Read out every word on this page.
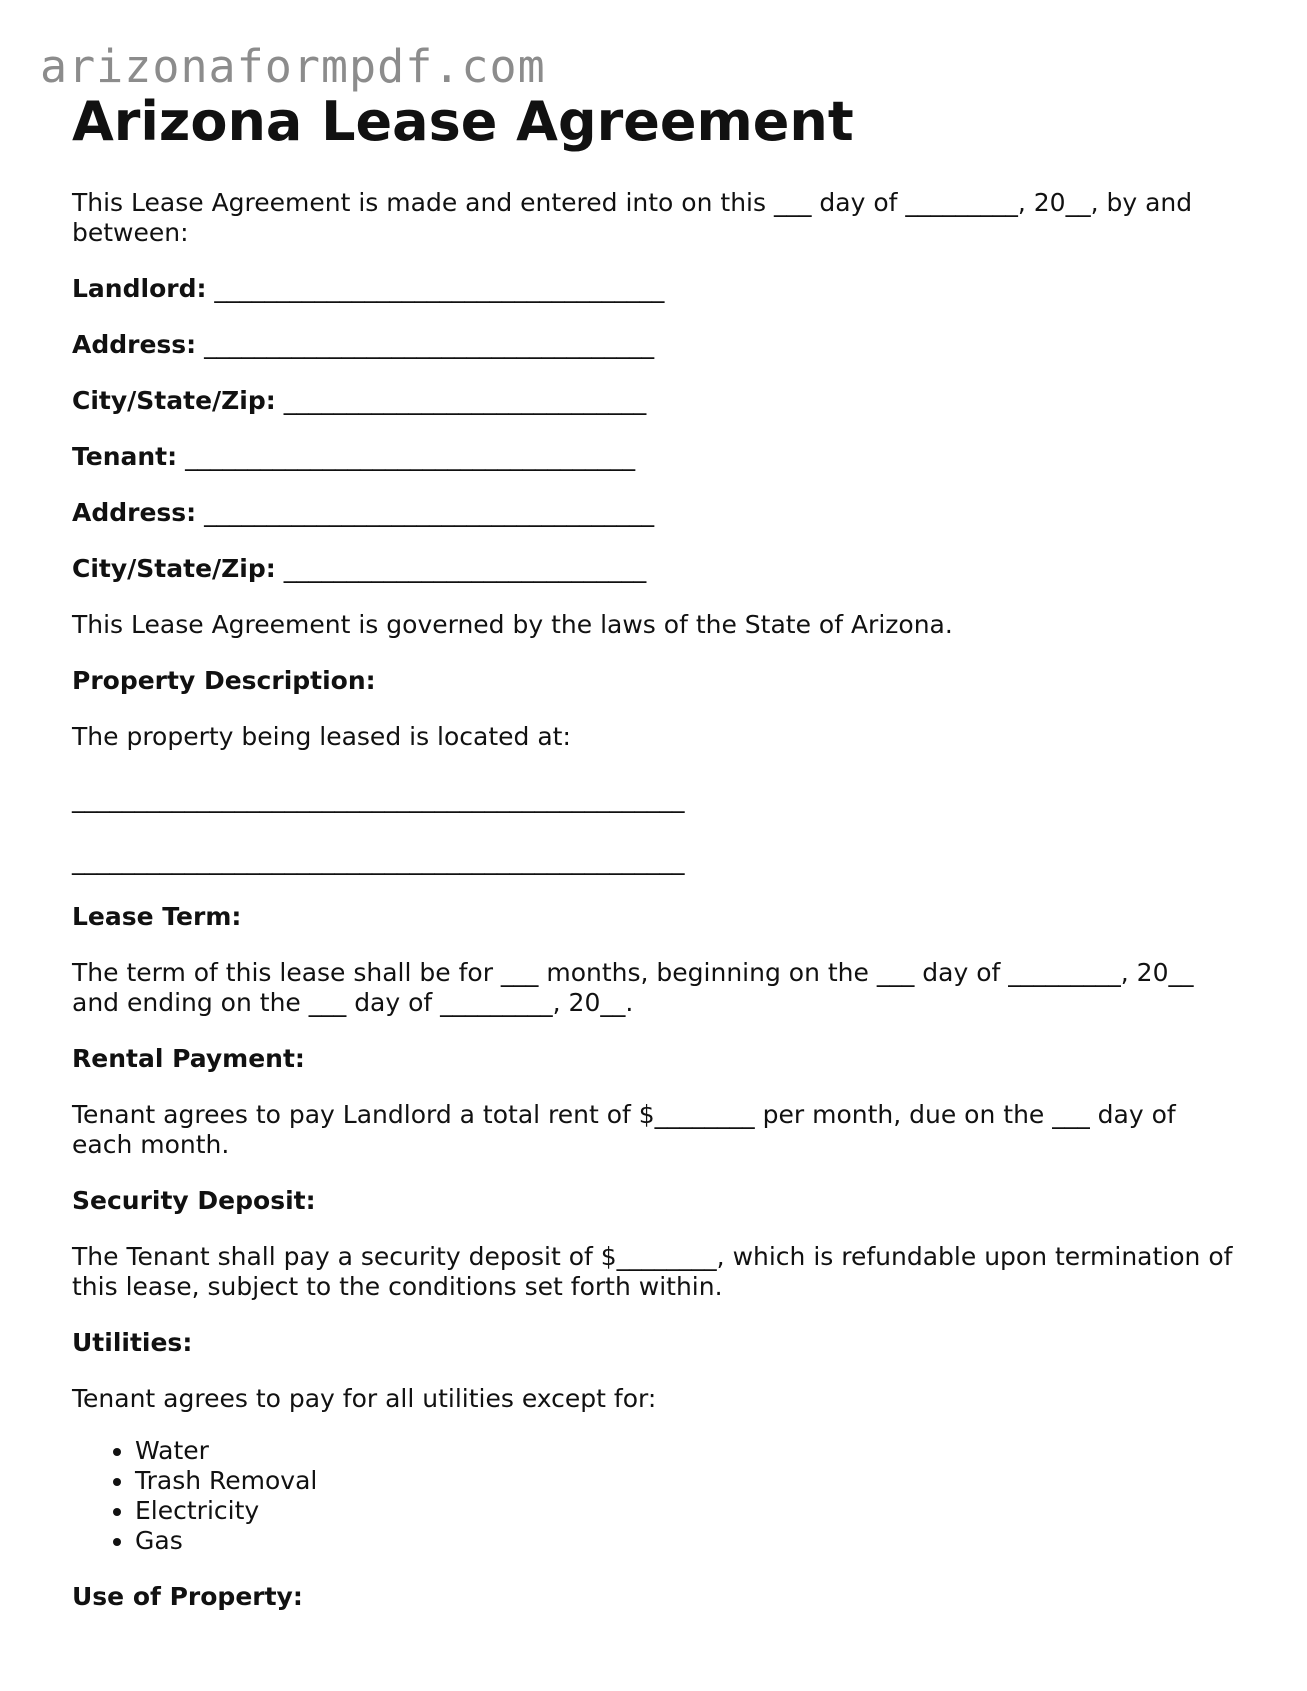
arizonaformpdf.com
Arizona Lease Agreement

This Lease Agreement is made and entered into on this ___ day of _________, 20__, by and between:

Landlord: ____________________________________

Address: ____________________________________

City/State/Zip: _____________________________

Tenant: ____________________________________

Address: ____________________________________

City/State/Zip: _____________________________

This Lease Agreement is governed by the laws of the State of Arizona.

Property Description:

The property being leased is located at:

_________________________________________________

_________________________________________________

Lease Term:

The term of this lease shall be for ___ months, beginning on the ___ day of _________, 20__ and ending on the ___ day of _________, 20__.

Rental Payment:

Tenant agrees to pay Landlord a total rent of $________ per month, due on the ___ day of each month.

Security Deposit:

The Tenant shall pay a security deposit of $________, which is refundable upon termination of this lease, subject to the conditions set forth within.

Utilities:

Tenant agrees to pay for all utilities except for:

• Water
• Trash Removal
• Electricity
• Gas

Use of Property:
